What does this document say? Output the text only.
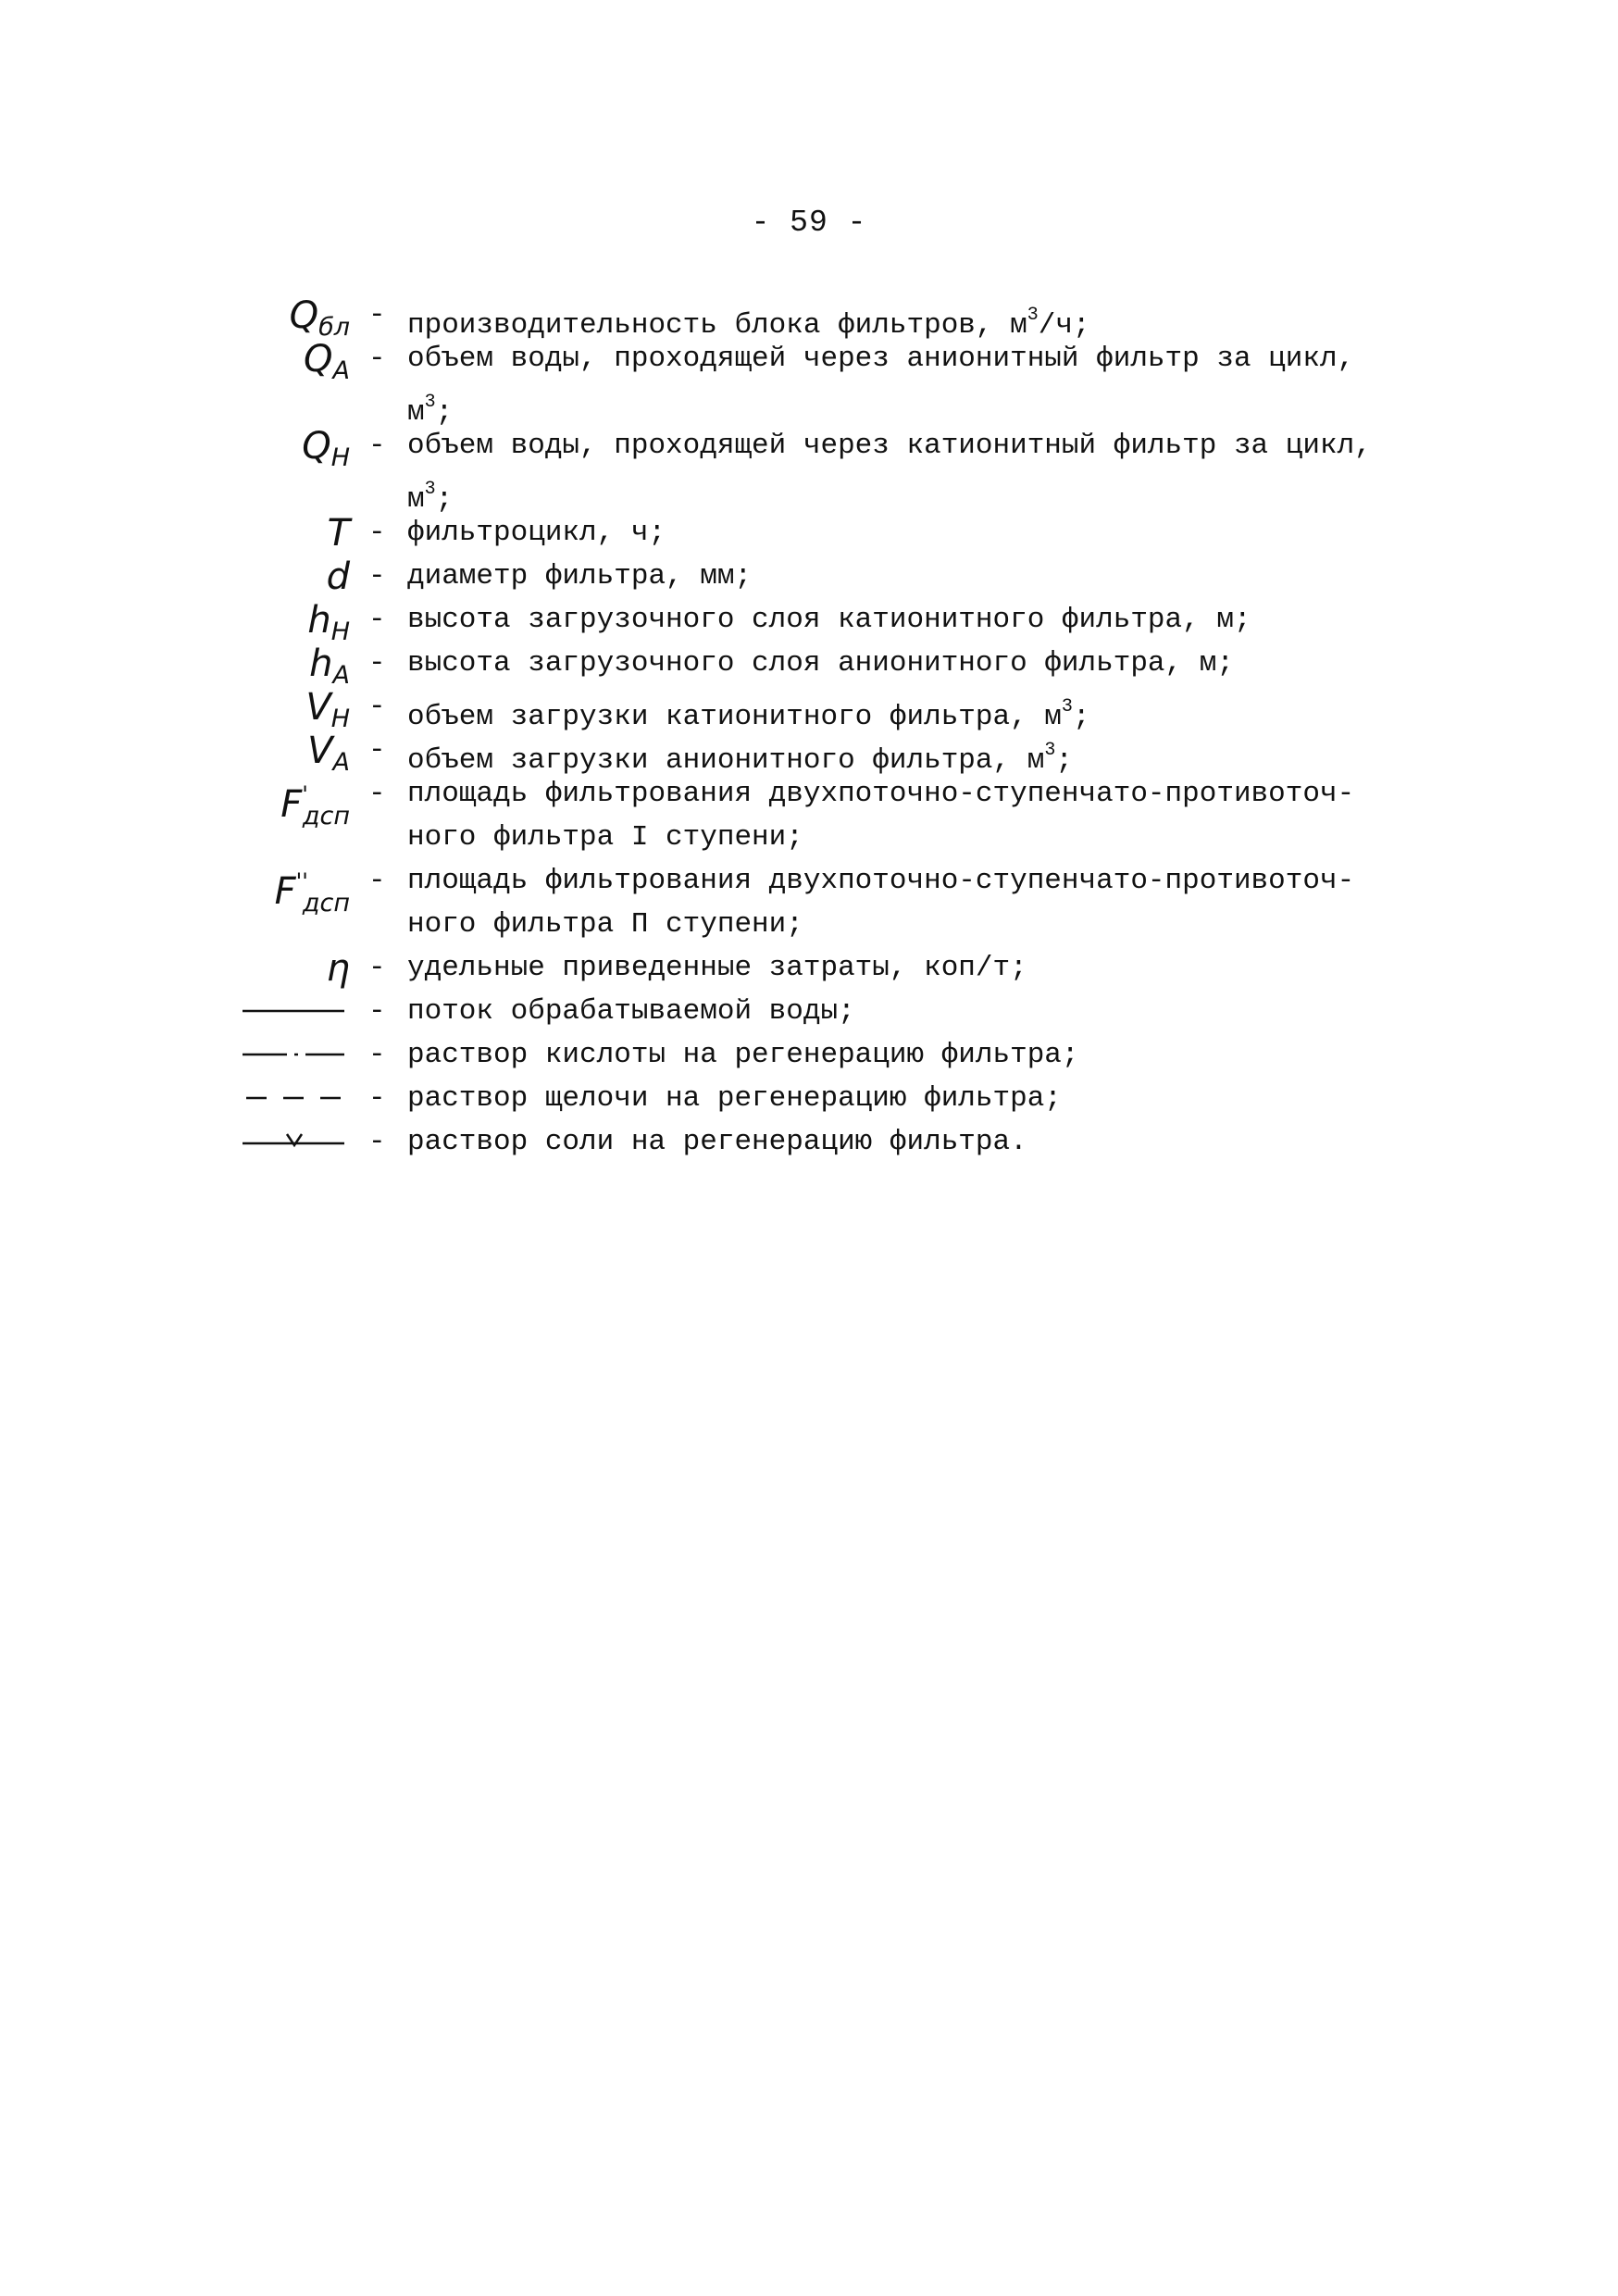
- 59 -
$Q_{бл}$ - производительность блока фильтров, $м^3/ч$;
$Q_А$ - объем воды, проходящей через анионитный фильтр за цикл,
$м^3$;
$Q_Н$ - объем воды, проходящей через катионитный фильтр за цикл,
$м^3$;
T - фильтроцикл, ч;
d - диаметр фильтра, мм;
$h_Н$ - высота загрузочного слоя катионитного фильтра, м;
$h_А$ - высота загрузочного слоя анионитного фильтра, м;
$V_Н$ - объем загрузки катионитного фильтра, $м^3$;
$V_А$ - объем загрузки анионитного фильтра, $м^3$;
$F'_{дсп}$
- площадь фильтрования двухпоточно-ступенчато-противоточ-
ного фильтра I ступени;
$F''_{дсп}$
- площадь фильтрования двухпоточно-ступенчато-противоточ-
ного фильтра П ступени;
η - удельные приведенные затраты, коп/т;
- поток обрабатываемой воды;
- раствор кислоты на регенерацию фильтра;
- раствор щелочи на регенерацию фильтра;
- раствор соли на регенерацию фильтра.
